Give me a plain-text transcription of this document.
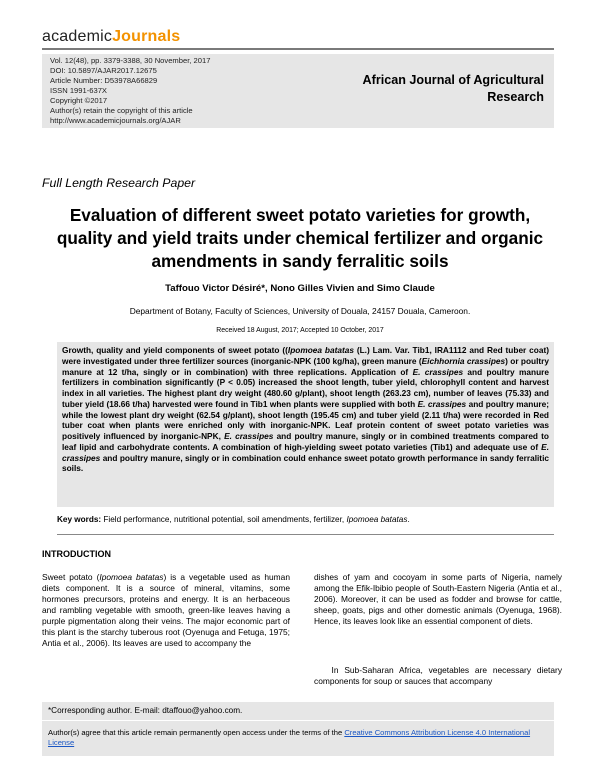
academicJournals
Vol. 12(48), pp. 3379-3388, 30 November, 2017
DOI: 10.5897/AJAR2017.12675
Article Number: D53978A66829
ISSN 1991-637X
Copyright ©2017
Author(s) retain the copyright of this article
http://www.academicjournals.org/AJAR
African Journal of Agricultural
Research
Full Length Research Paper
Evaluation of different sweet potato varieties for growth, quality and yield traits under chemical fertilizer and organic amendments in sandy ferralitic soils
Taffouo Victor Désiré*, Nono Gilles Vivien and Simo Claude
Department of Botany, Faculty of Sciences, University of Douala, 24157 Douala, Cameroon.
Received 18 August, 2017; Accepted 10 October, 2017
Growth, quality and yield components of sweet potato ((Ipomoea batatas (L.) Lam. Var. Tib1, IRA1112 and Red tuber coat) were investigated under three fertilizer sources (inorganic-NPK (100 kg/ha), green manure (Eichhornia crassipes) or poultry manure at 12 t/ha, singly or in combination) with three replications. Application of E. crassipes and poultry manure fertilizers in combination significantly (P < 0.05) increased the shoot length, tuber yield, chlorophyll content and harvest index in all varieties. The highest plant dry weight (480.60 g/plant), shoot length (263.23 cm), number of leaves (75.33) and tuber yield (18.66 t/ha) harvested were found in Tib1 when plants were supplied with both E. crassipes and poultry manure; while the lowest plant dry weight (62.54 g/plant), shoot length (195.45 cm) and tuber yield (2.11 t/ha) were recorded in Red tuber coat when plants were enriched only with inorganic-NPK. Leaf protein content of sweet potato varieties was positively influenced by inorganic-NPK, E. crassipes and poultry manure, singly or in combined treatments compared to leaf lipid and carbohydrate contents. A combination of high-yielding sweet potato varieties (Tib1) and adequate use of E. crassipes and poultry manure, singly or in combination could enhance sweet potato growth performance in sandy ferralitic soils.
Key words: Field performance, nutritional potential, soil amendments, fertilizer, Ipomoea batatas.
INTRODUCTION
Sweet potato (Ipomoea batatas) is a vegetable used as human diets component. It is a source of mineral, vitamins, some hormones precursors, proteins and energy. It is an herbaceous and rambling vegetable with smooth, green-like leaves having a purple pigmentation along their veins. The major economic part of this plant is the starchy tuberous root (Oyenuga and Fetuga, 1975; Antia et al., 2006). Its leaves are used to accompany the
dishes of yam and cocoyam in some parts of Nigeria, namely among the Efik-Ibibio people of South-Eastern Nigeria (Antia et al., 2006). Moreover, it can be used as fodder and browse for cattle, sheep, goats, pigs and other domestic animals (Oyenuga, 1968). Hence, its leaves look like an essential component of diets.
In Sub-Saharan Africa, vegetables are necessary dietary components for soup or sauces that accompany
*Corresponding author. E-mail: dtaffouo@yahoo.com.
Author(s) agree that this article remain permanently open access under the terms of the Creative Commons Attribution License 4.0 International License
